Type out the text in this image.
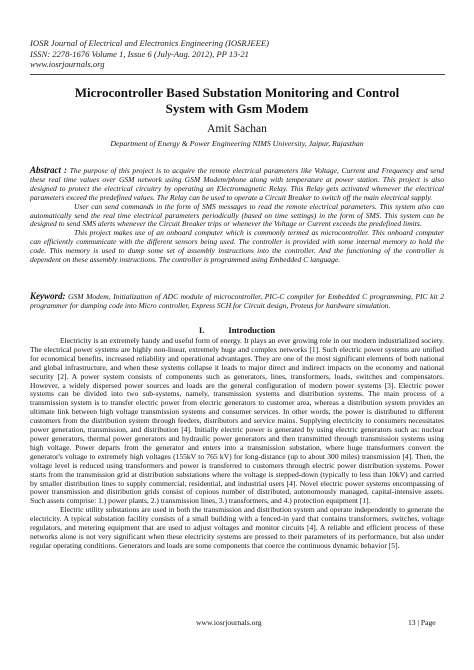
IOSR Journal of Electrical and Electronics Engineering (IOSRJEEE)
ISSN: 2278-1676 Volume 1, Issue 6 (July-Aug. 2012), PP 13-21
www.iosrjournals.org
Microcontroller Based Substation Monitoring and Control
System with Gsm Modem
Amit Sachan
Department of Energy & Power Engineering NIMS University, Jaipur, Rajasthan

Abstract : The purpose of this project is to acquire the remote electrical parameters like Voltage, Current and Frequency and send these real time values over GSM network using GSM Modem/phone along with temperature at power station. This project is also designed to protect the electrical circuitry by operating an Electromagnetic Relay. This Relay gets activated whenever the electrical parameters exceed the predefined values. The Relay can be used to operate a Circuit Breaker to switch off the main electrical supply.

User can send commands in the form of SMS messages to read the remote electrical parameters. This system also can automatically send the real time electrical parameters periodically (based on time settings) in the form of SMS. This system can be designed to send SMS alerts whenever the Circuit Breaker trips or whenever the Voltage or Current exceeds the predefined limits.

This project makes use of an onboard computer which is commonly termed as microcontroller. This onboard computer can efficiently communicate with the different sensors being used. The controller is provided with some internal memory to hold the code. This memory is used to dump some set of assembly instructions into the controller. And the functioning of the controller is dependent on these assembly instructions. The controller is programmed using Embedded C language.

Keyword: GSM Modem, Initialization of ADC module of microcontroller, PIC-C compiler for Embedded C programming, PIC kit 2 programmer for dumping code into Micro controller, Express SCH for Circuit design, Proteus for hardware simulation.

I.	Introduction

Electricity is an extremely handy and useful form of energy. It plays an ever growing role in our modern industrialized society. The electrical power systems are highly non-linear, extremely huge and complex networks [1]. Such electric power systems are unified for economical benefits, increased reliability and operational advantages. They are one of the most significant elements of both national and global infrastructure, and when these systems collapse it leads to major direct and indirect impacts on the economy and national security [2]. A power system consists of components such as generators, lines, transformers, loads, switches and compensators. However, a widely dispersed power sources and loads are the general configuration of modern power systems [3]. Electric power systems can be divided into two sub-systems, namely, transmission systems and distribution systems. The main process of a transmission system is to transfer electric power from electric generators to customer area, whereas a distribution system provides an ultimate link between high voltage transmission systems and consumer services. In other words, the power is distributed to different customers from the distribution system through feeders, distributors and service mains. Supplying electricity to consumers necessitates power generation, transmission, and distribution [4]. Initially electric power is generated by using electric generators such as: nuclear power generators, thermal power generators and hydraulic power generators and then transmitted through transmission systems using high voltage. Power departs from the generator and enters into a transmission substation, where huge transformers convert the generator's voltage to extremely high voltages (155kV to 765 kV) for long-distance (up to about 300 miles) transmission [4]. Then, the voltage level is reduced using transformers and power is transferred to customers through electric power distribution systems. Power starts from the transmission grid at distribution substations where the voltage is stepped-down (typically to less than 10kV) and carried by smaller distribution lines to supply commercial, residential, and industrial users [4]. Novel electric power systems encompassing of power transmission and distribution grids consist of copious number of distributed, autonomously managed, capital-intensive assets. Such assets comprise: 1.) power plants, 2.) transmission lines, 3.) transformers, and 4.) protection equipment [1].

Electric utility substations are used in both the transmission and distribution system and operate independently to generate the electricity. A typical substation facility consists of a small building with a fenced-in yard that contains transformers, switches, voltage regulators, and metering equipment that are used to adjust voltages and monitor circuits [4]. A reliable and efficient process of these networks alone is not very significant when these electricity systems are pressed to their parameters of its performance, but also under regular operating conditions. Generators and loads are some components that coerce the continuous dynamic behavior [5].

www.iosrjournals.org	13 | Page
